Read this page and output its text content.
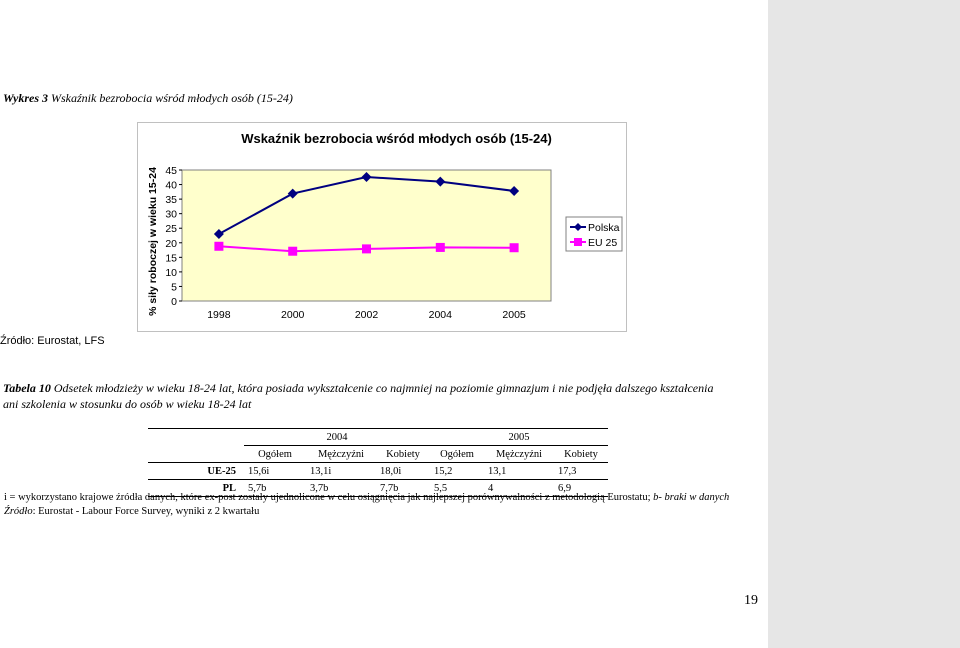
Wykres 3 Wskaźnik bezrobocia wśród młodych osób (15-24)
Wskaźnik bezrobocia wśród młodych osób (15-24)
0
5
10
15
20
25
30
35
40
45
1998	2000	2002	2004	2005
% siły roboczej w wieku 15-24	Polska
EU 25
Źródło: Eurostat, LFS
Tabela 10 Odsetek młodzieży w wieku 18-24 lat, która posiada wykształcenie co najmniej na poziomie gimnazjum i nie podjęła dalszego kształcenia ani szkolenia w stosunku do osób w wieku 18-24 lat
	2004			2005		
	Ogółem	Mężczyźni	Kobiety	Ogółem	Mężczyźni	Kobiety
UE-25	15,6i	13,1i	18,0i	15,2	13,1	17,3
PL	5,7b	3,7b	7,7b	5,5	4	6,9
i = wykorzystano krajowe źródła danych, które ex-post zostały ujednolicone w celu osiągnięcia jak najlepszej porównywalności z metodologią Eurostatu; b- braki w danych
Źródło: Eurostat - Labour Force Survey, wyniki z 2 kwartału
19
